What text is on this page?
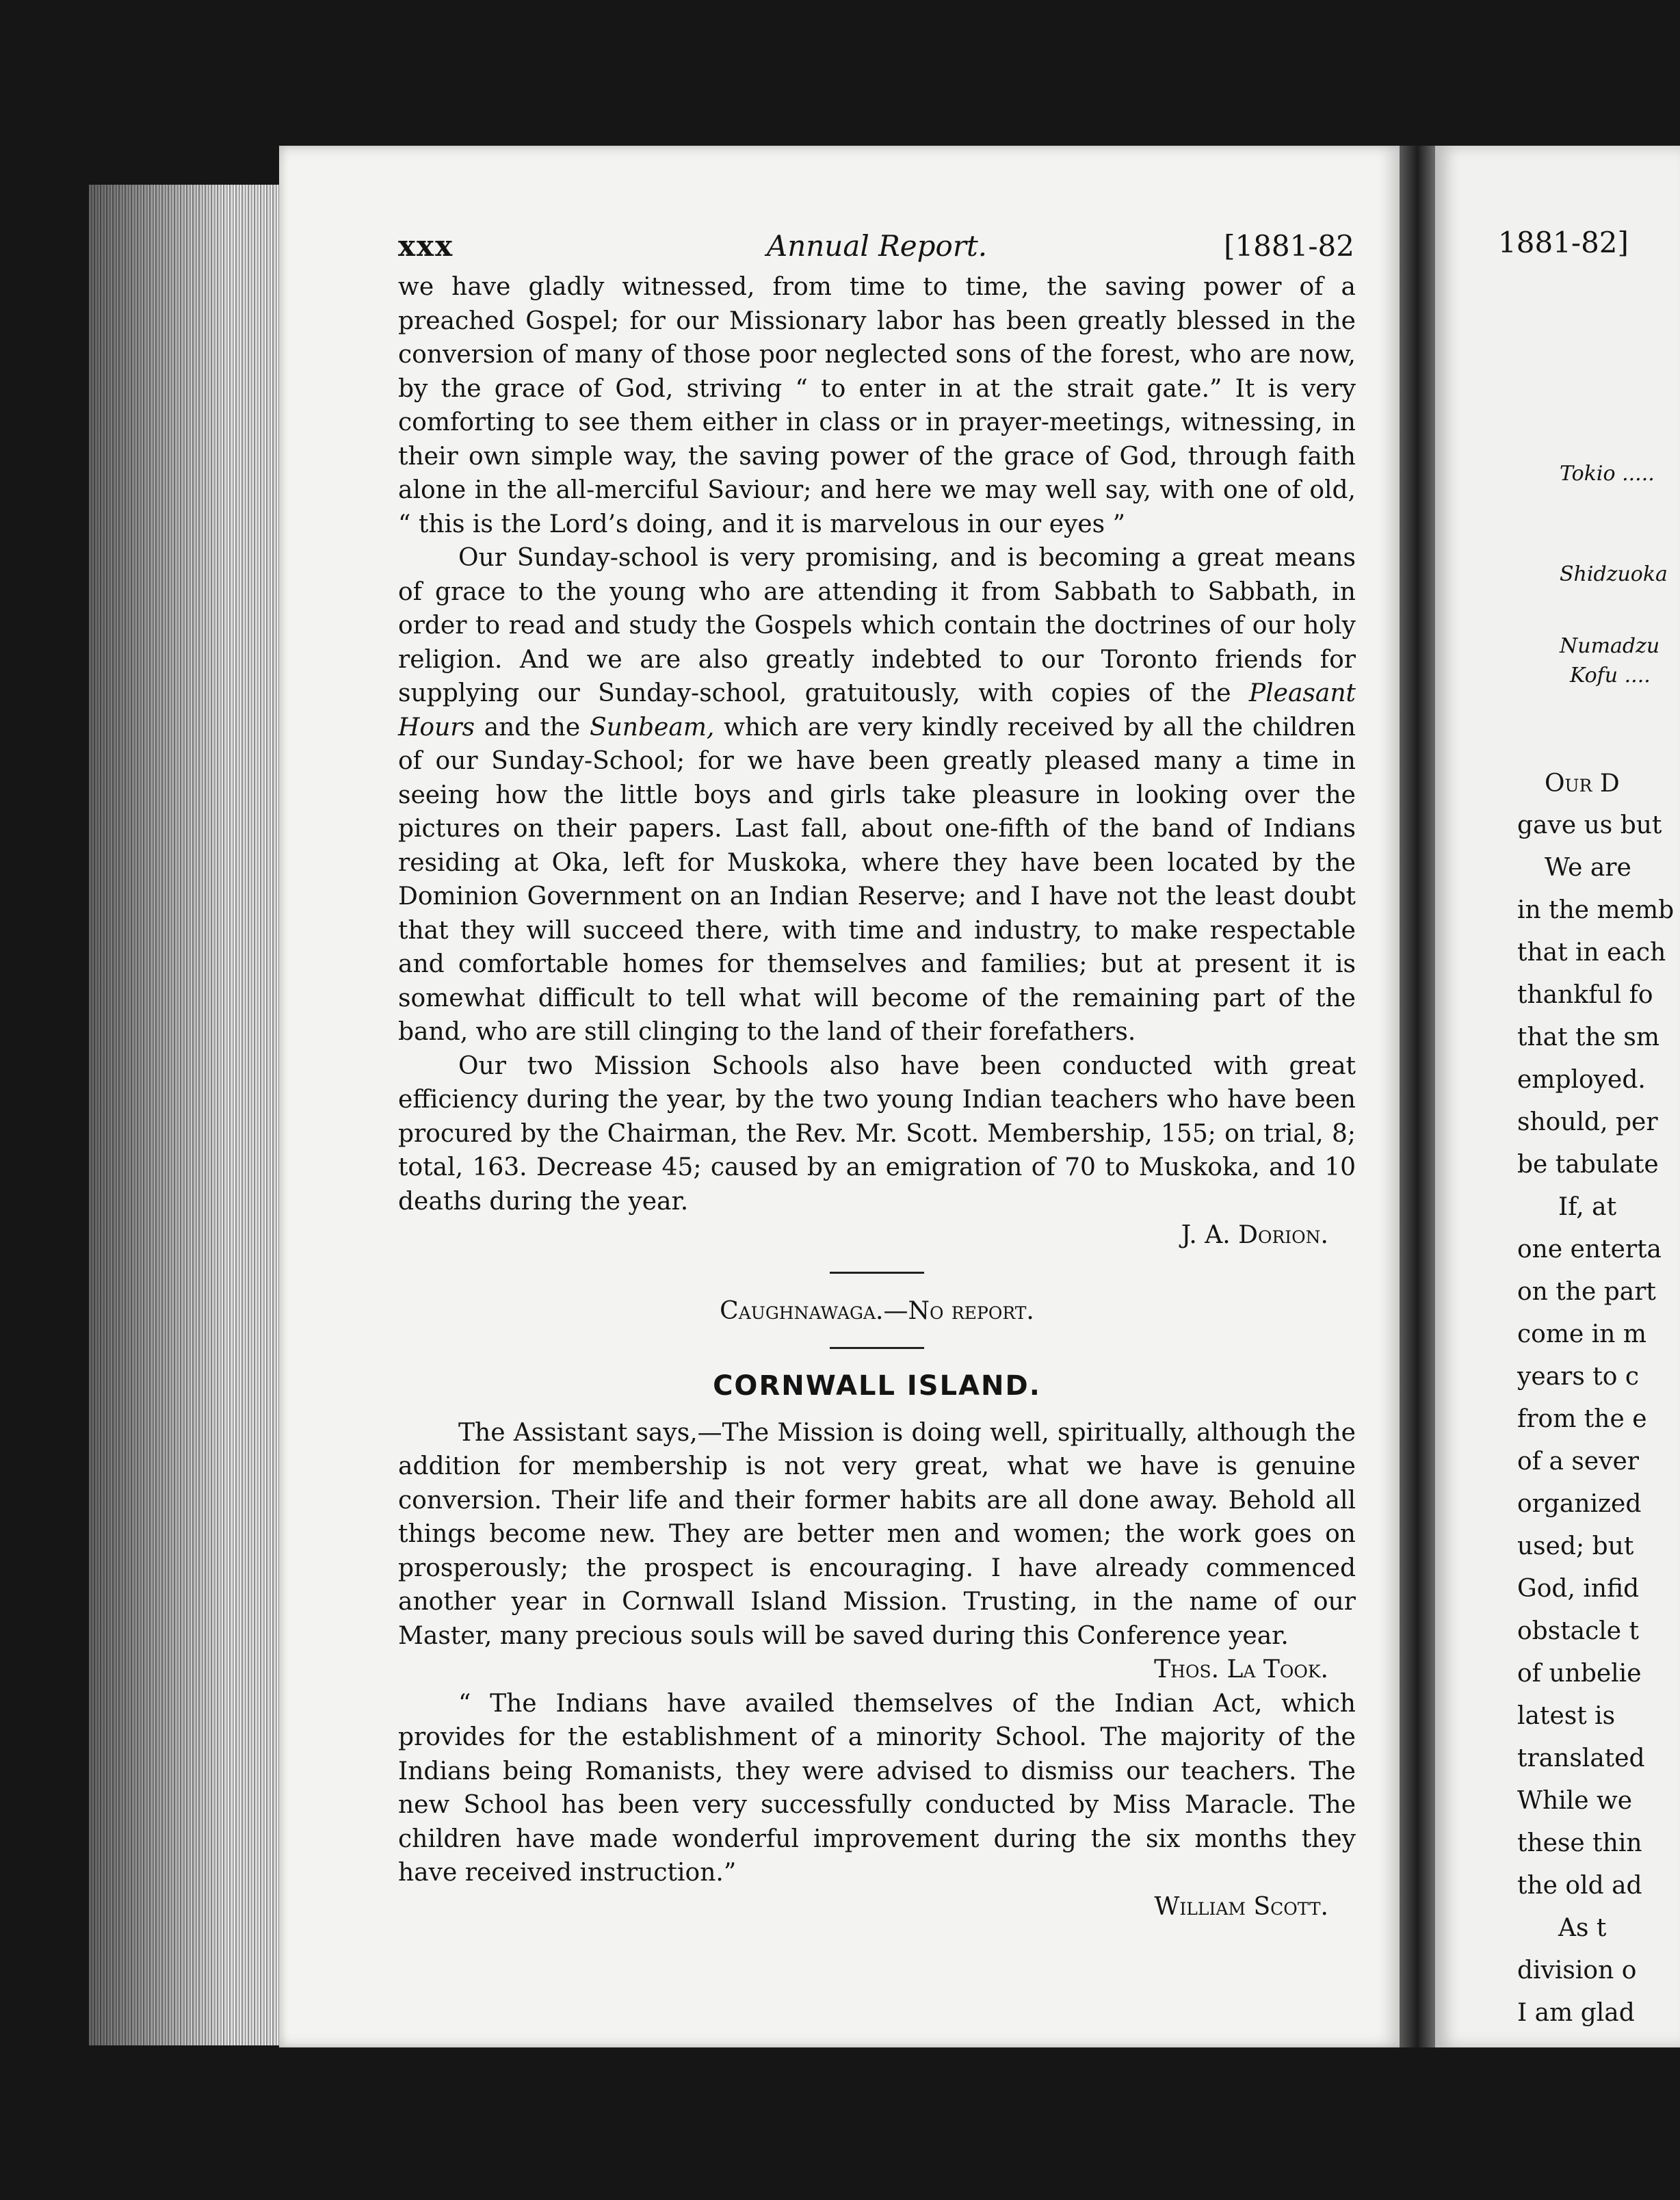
xxx	Annual Report.	[1881-82

we have gladly witnessed, from time to time, the saving power of a preached Gospel; for our Missionary labor has been greatly blessed in the conversion of many of those poor neglected sons of the forest, who are now, by the grace of God, striving “ to enter in at the strait gate.” It is very comforting to see them either in class or in prayer-meetings, witnessing, in their own simple way, the saving power of the grace of God, through faith alone in the all-merciful Saviour; and here we may well say, with one of old, “ this is the Lord’s doing, and it is marvelous in our eyes ”

Our Sunday-school is very promising, and is becoming a great means of grace to the young who are attending it from Sabbath to Sabbath, in order to read and study the Gospels which contain the doctrines of our holy religion. And we are also greatly indebted to our Toronto friends for supplying our Sunday-school, gratuitously, with copies of the Pleasant Hours and the Sunbeam, which are very kindly received by all the children of our Sunday-School; for we have been greatly pleased many a time in seeing how the little boys and girls take pleasure in looking over the pictures on their papers. Last fall, about one-fifth of the band of Indians residing at Oka, left for Muskoka, where they have been located by the Dominion Government on an Indian Reserve; and I have not the least doubt that they will succeed there, with time and industry, to make respectable and comfortable homes for themselves and families; but at present it is somewhat difficult to tell what will become of the remaining part of the band, who are still clinging to the land of their forefathers.

Our two Mission Schools also have been conducted with great efficiency during the year, by the two young Indian teachers who have been procured by the Chairman, the Rev. Mr. Scott. Membership, 155; on trial, 8; total, 163. Decrease 45; caused by an emigration of 70 to Muskoka, and 10 deaths during the year.

J. A. Dorion.

Caughnawaga.—No report.
CORNWALL ISLAND.

The Assistant says,—The Mission is doing well, spiritually, although the addition for membership is not very great, what we have is genuine conversion. Their life and their former habits are all done away. Behold all things become new. They are better men and women; the work goes on prosperously; the prospect is encouraging. I have already commenced another year in Cornwall Island Mission. Trusting, in the name of our Master, many precious souls will be saved during this Conference year.

Thos. La Took.

“ The Indians have availed themselves of the Indian Act, which provides for the establishment of a minority School. The majority of the Indians being Romanists, they were advised to dismiss our teachers. The new School has been very successfully conducted by Miss Maracle. The children have made wonderful improvement during the six months they have received instruction.”

William Scott.

1881-82]
Tokio .....
Shidzuoka
Numadzu
Kofu ....
Our D
gave us but
We are
in the memb
that in each
thankful fo
that the sm
employed.
should, per
be tabulate
If, at
one enterta
on the part
come in m
years to c
from the e
of a sever
organized
used; but
God, infid
obstacle t
of unbelie
latest is
translated
While we
these thin
the old ad
As t
division o
I am glad
